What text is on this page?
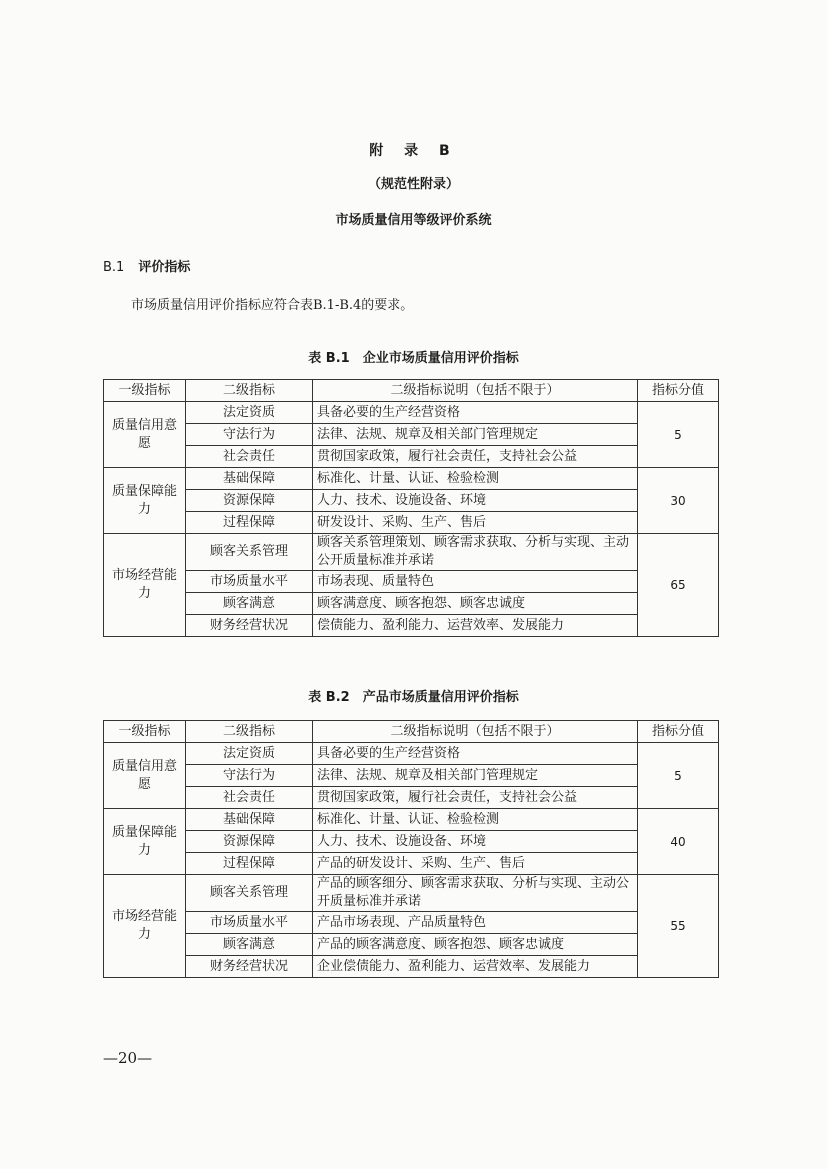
附 录 B
（规范性附录）
市场质量信用等级评价系统
B.1 评价指标
市场质量信用评价指标应符合表B.1-B.4的要求。
表 B.1　企业市场质量信用评价指标
一级指标	二级指标	二级指标说明（包括不限于）	指标分值
质量信用意愿	法定资质	具备必要的生产经营资格	5
	守法行为	法律、法规、规章及相关部门管理规定	
	社会责任	贯彻国家政策，履行社会责任，支持社会公益	
质量保障能力	基础保障	标准化、计量、认证、检验检测	30
	资源保障	人力、技术、设施设备、环境	
	过程保障	研发设计、采购、生产、售后	
市场经营能力	顾客关系管理	顾客关系管理策划、顾客需求获取、分析与实现、主动公开质量标准并承诺	65
	市场质量水平	市场表现、质量特色	
	顾客满意	顾客满意度、顾客抱怨、顾客忠诚度	
	财务经营状况	偿债能力、盈利能力、运营效率、发展能力	
表 B.2　产品市场质量信用评价指标
一级指标	二级指标	二级指标说明（包括不限于）	指标分值
质量信用意愿	法定资质	具备必要的生产经营资格	5
	守法行为	法律、法规、规章及相关部门管理规定	
	社会责任	贯彻国家政策，履行社会责任，支持社会公益	
质量保障能力	基础保障	标准化、计量、认证、检验检测	40
	资源保障	人力、技术、设施设备、环境	
	过程保障	产品的研发设计、采购、生产、售后	
市场经营能力	顾客关系管理	产品的顾客细分、顾客需求获取、分析与实现、主动公开质量标准并承诺	55
	市场质量水平	产品市场表现、产品质量特色	
	顾客满意	产品的顾客满意度、顾客抱怨、顾客忠诚度	
	财务经营状况	企业偿债能力、盈利能力、运营效率、发展能力	
—20—
